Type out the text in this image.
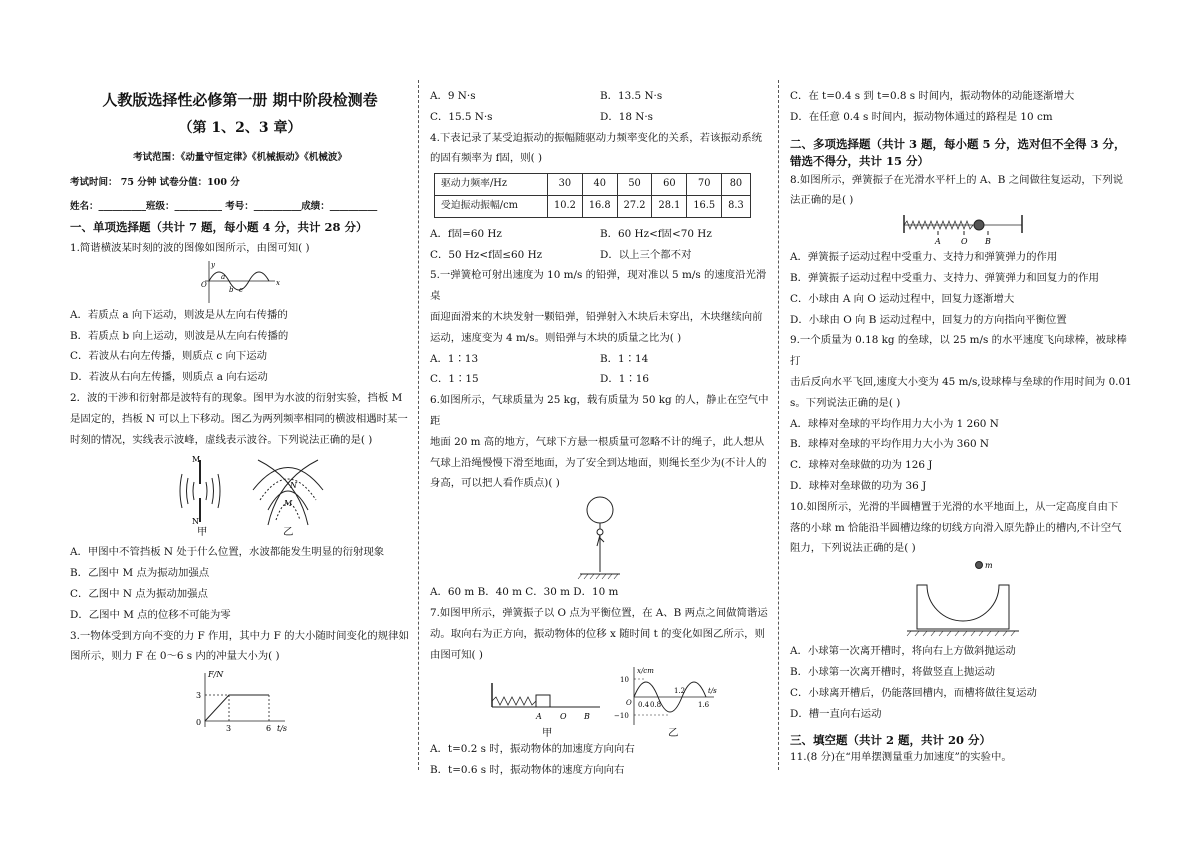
人教版选择性必修第一册 期中阶段检测卷
（第 1、2、3 章）
考试范围：《动量守恒定律》《机械振动》《机械波》
考试时间： 75 分钟 试卷分值：100 分
姓名：__________班级：__________ 考号：__________成绩：__________
一、单项选择题（共计 7 题，每小题 4 分，共计 28 分）

1.简谐横波某时刻的波的图像如图所示，由图可知( )

y
x
O
a
b c

A．若质点 a 向下运动，则波是从左向右传播的

B．若质点 b 向上运动，则波是从左向右传播的

C．若波从右向左传播，则质点 c 向下运动

D．若波从右向左传播，则质点 a 向右运动

2．波的干涉和衍射都是波特有的现象。图甲为水波的衍射实验，挡板 M

是固定的，挡板 N 可以上下移动。图乙为两列频率相同的横波相遇时某一

时刻的情况，实线表示波峰，虚线表示波谷。下列说法正确的是( )

M
N
N
M
甲	乙

A．甲图中不管挡板 N 处于什么位置，水波都能发生明显的衍射现象

B．乙图中 M 点为振动加强点

C．乙图中 N 点为振动加强点

D．乙图中 M 点的位移不可能为零

3.一物体受到方向不变的力 F 作用，其中力 F 的大小随时间变化的规律如

图所示，则力 F 在 0～6 s 内的冲量大小为( )

F/N
t/s
3
0
3	6
A．9 N·s	B．13.5 N·s
C．15.5 N·s	D．18 N·s

4.下表记录了某受迫振动的振幅随驱动力频率变化的关系，若该振动系统

的固有频率为 f固，则( )

驱动力频率/Hz	30	40	50	60	70	80
受迫振动振幅/cm	10.2	16.8	27.2	28.1	16.5	8.3
A．f固=60 Hz	B．60 Hz<f固<70 Hz
C．50 Hz<f固≤60 Hz	D．以上三个都不对

5.一弹簧枪可射出速度为 10 m/s 的铅弹，现对准以 5 m/s 的速度沿光滑桌

面迎面滑来的木块发射一颗铅弹，铅弹射入木块后未穿出，木块继续向前

运动，速度变为 4 m/s。则铅弹与木块的质量之比为( )

A．1∶13	B．1∶14
C．1∶15	D．1∶16

6.如图所示，气球质量为 25 kg，载有质量为 50 kg 的人，静止在空气中距

地面 20 m 高的地方，气球下方悬一根质量可忽略不计的绳子，此人想从

气球上沿绳慢慢下滑至地面，为了安全到达地面，则绳长至少为(不计人的

身高，可以把人看作质点)( )

A．60 m B．40 m C．30 m D．10 m

7.如图甲所示，弹簧振子以 O 点为平衡位置，在 A、B 两点之间做简谐运

动。取向右为正方向，振动物体的位移 x 随时间 t 的变化如图乙所示，则

由图可知( )

A O B
x/cm
t/s
10
−10
O 0.4 0.8
1.2
1.6
甲	乙

A．t=0.2 s 时，振动物体的加速度方向向右

B．t=0.6 s 时，振动物体的速度方向向右

C．在 t=0.4 s 到 t=0.8 s 时间内，振动物体的动能逐渐增大

D．在任意 0.4 s 时间内，振动物体通过的路程是 10 cm

二、多项选择题（共计 3 题，每小题 5 分，选对但不全得 3 分，
错选不得分，共计 15 分）

8.如图所示，弹簧振子在光滑水平杆上的 A、B 之间做往复运动，下列说

法正确的是( )

A	O B

A．弹簧振子运动过程中受重力、支持力和弹簧弹力的作用

B．弹簧振子运动过程中受重力、支持力、弹簧弹力和回复力的作用

C．小球由 A 向 O 运动过程中，回复力逐渐增大

D．小球由 O 向 B 运动过程中，回复力的方向指向平衡位置

9.一个质量为 0.18 kg 的垒球，以 25 m/s 的水平速度飞向球棒，被球棒打

击后反向水平飞回,速度大小变为 45 m/s,设球棒与垒球的作用时间为 0.01

s。下列说法正确的是( )

A．球棒对垒球的平均作用力大小为 1 260 N

B．球棒对垒球的平均作用力大小为 360 N

C．球棒对垒球做的功为 126 J

D．球棒对垒球做的功为 36 J

10.如图所示，光滑的半圆槽置于光滑的水平地面上，从一定高度自由下

落的小球 m 恰能沿半圆槽边缘的切线方向滑入原先静止的槽内,不计空气

阻力，下列说法正确的是( )

m

A．小球第一次离开槽时，将向右上方做斜抛运动

B．小球第一次离开槽时，将做竖直上抛运动

C．小球离开槽后，仍能落回槽内，而槽将做往复运动

D．槽一直向右运动

三、填空题（共计 2 题，共计 20 分）

11.(8 分)在“用单摆测量重力加速度”的实验中。
